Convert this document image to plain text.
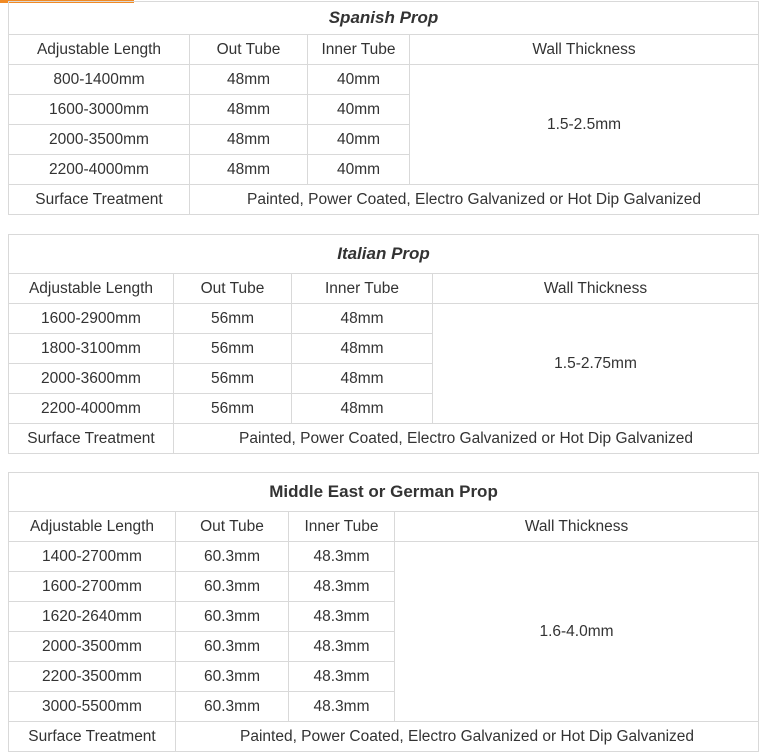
Spanish Prop			
Adjustable Length	Out Tube	Inner Tube	Wall Thickness
800-1400mm	48mm	40mm	1.5-2.5mm
1600-3000mm	48mm	40mm	
2000-3500mm	48mm	40mm	
2200-4000mm	48mm	40mm	
Surface Treatment	Painted, Power Coated, Electro Galvanized or Hot Dip Galvanized		
Italian Prop			
Adjustable Length	Out Tube	Inner Tube	Wall Thickness
1600-2900mm	56mm	48mm	1.5-2.75mm
1800-3100mm	56mm	48mm	
2000-3600mm	56mm	48mm	
2200-4000mm	56mm	48mm	
Surface Treatment	Painted, Power Coated, Electro Galvanized or Hot Dip Galvanized		
Middle East or German Prop			
Adjustable Length	Out Tube	Inner Tube	Wall Thickness
1400-2700mm	60.3mm	48.3mm	1.6-4.0mm
1600-2700mm	60.3mm	48.3mm	
1620-2640mm	60.3mm	48.3mm	
2000-3500mm	60.3mm	48.3mm	
2200-3500mm	60.3mm	48.3mm	
3000-5500mm	60.3mm	48.3mm	
Surface Treatment	Painted, Power Coated, Electro Galvanized or Hot Dip Galvanized		
